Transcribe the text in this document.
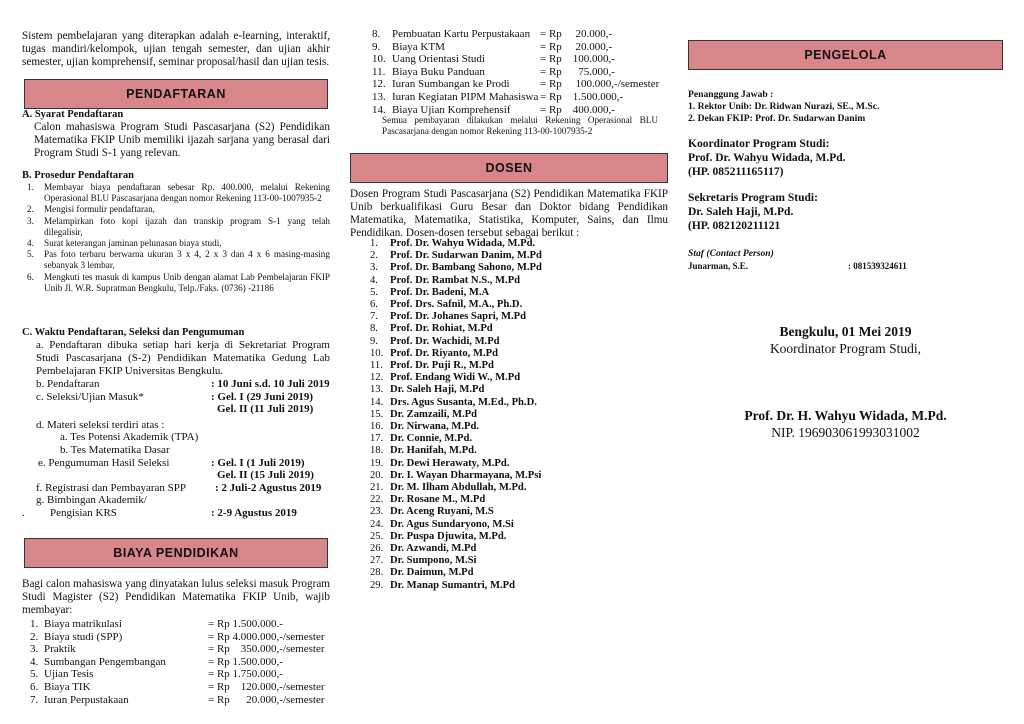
Sistem pembelajaran yang diterapkan adalah e-learning, interaktif, tugas mandiri/kelompok, ujian tengah semester, dan ujian akhir semester, ujian komprehensif, seminar proposal/hasil dan ujian tesis.

PENDAFTARAN

A. Syarat Pendaftaran

Calon mahasiswa Program Studi Pascasarjana (S2) Pendidikan Matematika FKIP Unib memiliki ijazah sarjana yang berasal dari Program Studi S-1 yang relevan.

B. Prosedur Pendaftaran

1.	Membayar biaya pendaftaran sebesar Rp. 400.000, melalui Rekening Operasional BLU Pascasarjana dengan nomor Rekening 113-00-1007935-2
2.	Mengisi formulir pendaftaran,
3.	Melampirkan foto kopi ijazah dan transkip program S-1 yang telah dilegalisir,
4.	Surat keterangan jaminan pelunasan biaya studi,
5.	Pas foto terbaru berwarna ukuran 3 x 4, 2 x 3 dan 4 x 6 masing-masing sebanyak 3 lembar,
6.	Mengkuti tes masuk di kampus Unib dengan alamat Lab Pembelajaran FKIP Unib Jl. W.R. Supratman Bengkulu, Telp./Faks. (0736) -21186

C. Waktu Pendaftaran, Seleksi dan Pengumuman

a. Pendaftaran dibuka setiap hari kerja di Sekretariat Program Studi Pascasarjana (S-2) Pendidikan Matematika Gedung Lab Pembelajaran FKIP Universitas Bengkulu.

b. Pendaftaran	: 10 Juni s.d. 10 Juli 2019
c. Seleksi/Ujian Masuk*	: Gel. I (29 Juni 2019)
Gel. II (11 Juli 2019)
d. Materi seleksi terdiri atas :
a. Tes Potensi Akademik (TPA)
b. Tes Matematika Dasar
e. Pengumuman Hasil Seleksi	: Gel. I (1 Juli 2019)
Gel. II (15 Juli 2019)
f. Registrasi dan Pembayaran SPP	: 2 Juli-2 Agustus 2019
g. Bimbingan Akademik/
.	Pengisian KRS	: 2-9 Agustus 2019
BIAYA PENDIDIKAN

Bagi calon mahasiswa yang dinyatakan lulus seleksi masuk Program Studi Magister (S2) Pendidikan Matematika FKIP Unib, wajib membayar:

1. Biaya matrikulasi	= Rp 1.500.000.-
2. Biaya studi (SPP)	= Rp 4.000.000,-/semester
3. Praktik	= Rp    350.000,-/semester
4. Sumbangan Pengembangan	= Rp 1.500.000,-
5. Ujian Tesis	= Rp 1.750.000,-
6. Biaya TIK	= Rp    120.000,-/semester
7. Iuran Perpustakaan	= Rp      20.000,-/semester
8.	Pembuatan Kartu Perpustakaan = Rp     20.000,-
9.	Biaya KTM	= Rp     20.000,-
10. Uang Orientasi Studi	= Rp    100.000,-
11. Biaya Buku Panduan	= Rp      75.000,-
12. Iuran Sumbangan ke Prodi	= Rp     100.000,-/semester
13. Iuran Kegiatan PIPM Mahasiswa = Rp    1.500.000,-
14. Biaya Ujian Komprehensif	= Rp    400.000,-

Semua pembayaran dilakukan melalui Rekening Operasional BLU Pascasarjana dengan nomor Rekening 113-00-1007935-2

DOSEN

Dosen Program Studi Pascasarjana (S2) Pendidikan Matematika FKIP Unib berkualifikasi Guru Besar dan Doktor bidang Pendidikan Matematika, Matematika, Statistika, Komputer, Sains, dan Ilmu Pendidikan. Dosen-dosen tersebut sebagai berikut :

1.	Prof. Dr. Wahyu Widada, M.Pd.
2.	Prof. Dr. Sudarwan Danim, M.Pd
3.	Prof. Dr. Bambang Sahono, M.Pd
4.	Prof. Dr. Rambat N.S., M.Pd
5.	Prof. Dr. Badeni, M.A
6.	Prof. Drs. Safnil, M.A., Ph.D.
7.	Prof. Dr. Johanes Sapri, M.Pd
8.	Prof. Dr. Rohiat, M.Pd
9.	Prof. Dr. Wachidi, M.Pd
10. Prof. Dr. Riyanto, M.Pd
11. Prof. Dr. Puji R., M.Pd
12. Prof. Endang Widi W., M.Pd
13. Dr. Saleh Haji, M.Pd
14. Drs. Agus Susanta, M.Ed., Ph.D.
15. Dr. Zamzaili, M.Pd
16. Dr. Nirwana, M.Pd.
17. Dr. Connie, M.Pd.
18. Dr. Hanifah, M.Pd.
19. Dr. Dewi Herawaty, M.Pd.
20. Dr. I. Wayan Dharmayana, M.Psi
21. Dr. M. Ilham Abdullah, M.Pd.
22. Dr. Rosane M., M.Pd
23. Dr. Aceng Ruyani, M.S
24. Dr. Agus Sundaryono, M.Si
25. Dr. Puspa Djuwita, M.Pd.
26. Dr. Azwandi, M.Pd
27. Dr. Sumpono, M.Si
28. Dr. Daimun, M.Pd
29. Dr. Manap Sumantri, M.Pd
PENGELOLA
Penanggung Jawab :
1. Rektor Unib: Dr. Ridwan Nurazi, SE., M.Sc.
2. Dekan FKIP: Prof. Dr. Sudarwan Danim
Koordinator Program Studi:
Prof. Dr. Wahyu Widada, M.Pd.
(HP. 085211165117)
Sekretaris Program Studi:
Dr. Saleh Haji, M.Pd.
(HP. 082120211121
Staf (Contact Person)
Junarman, S.E.	: 081539324611
Bengkulu, 01 Mei 2019
Koordinator Program Studi,
Prof. Dr. H. Wahyu Widada, M.Pd.
NIP. 196903061993031002
